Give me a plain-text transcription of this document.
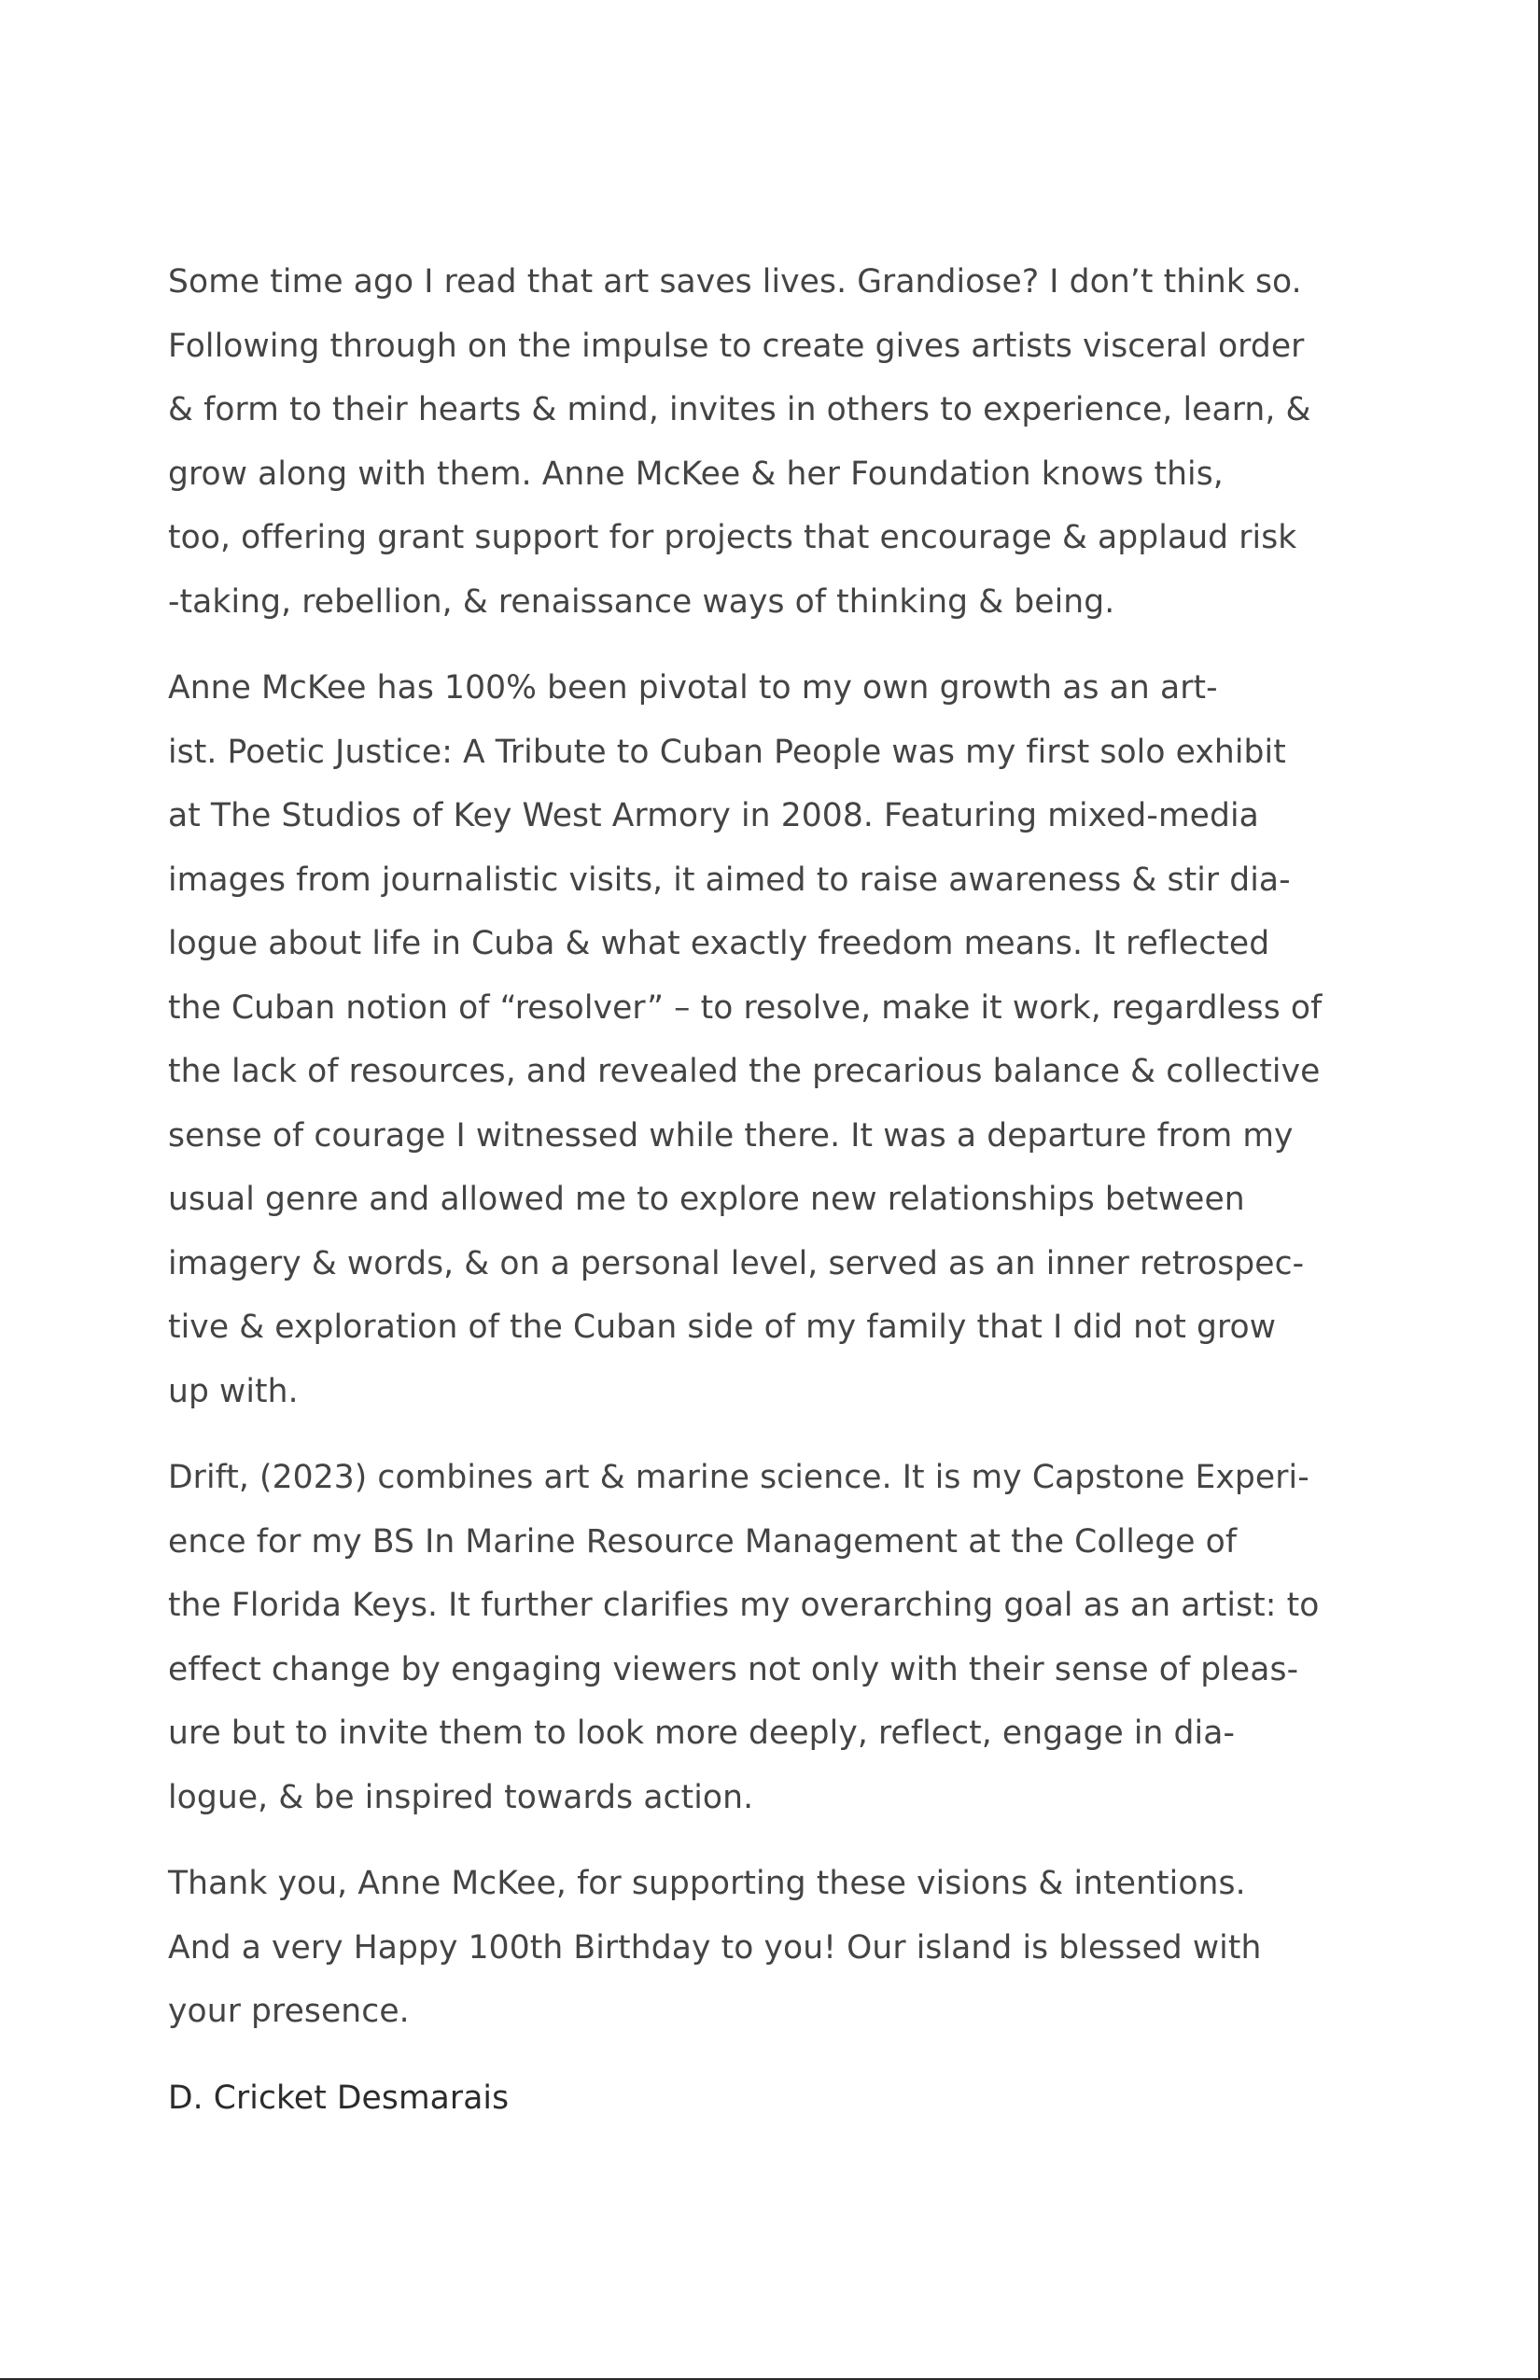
Some time ago I read that art saves lives. Grandiose? I don’t think so.
Following through on the impulse to create gives artists visceral order
& form to their hearts & mind, invites in others to experience, learn, &
grow along with them. Anne McKee & her Foundation knows this,
too, offering grant support for projects that encourage & applaud risk
-taking, rebellion, & renaissance ways of thinking & being.

Anne McKee has 100% been pivotal to my own growth as an art-
ist. Poetic Justice: A Tribute to Cuban People was my first solo exhibit
at The Studios of Key West Armory in 2008. Featuring mixed-media
images from journalistic visits, it aimed to raise awareness & stir dia-
logue about life in Cuba & what exactly freedom means. It reflected
the Cuban notion of “resolver” – to resolve, make it work, regardless of
the lack of resources, and revealed the precarious balance & collective
sense of courage I witnessed while there. It was a departure from my
usual genre and allowed me to explore new relationships between
imagery & words, & on a personal level, served as an inner retrospec-
tive & exploration of the Cuban side of my family that I did not grow
up with.

Drift, (2023) combines art & marine science. It is my Capstone Experi-
ence for my BS In Marine Resource Management at the College of
the Florida Keys. It further clarifies my overarching goal as an artist: to
effect change by engaging viewers not only with their sense of pleas-
ure but to invite them to look more deeply, reflect, engage in dia-
logue, & be inspired towards action.

Thank you, Anne McKee, for supporting these visions & intentions.
And a very Happy 100th Birthday to you! Our island is blessed with
your presence.

D. Cricket Desmarais
